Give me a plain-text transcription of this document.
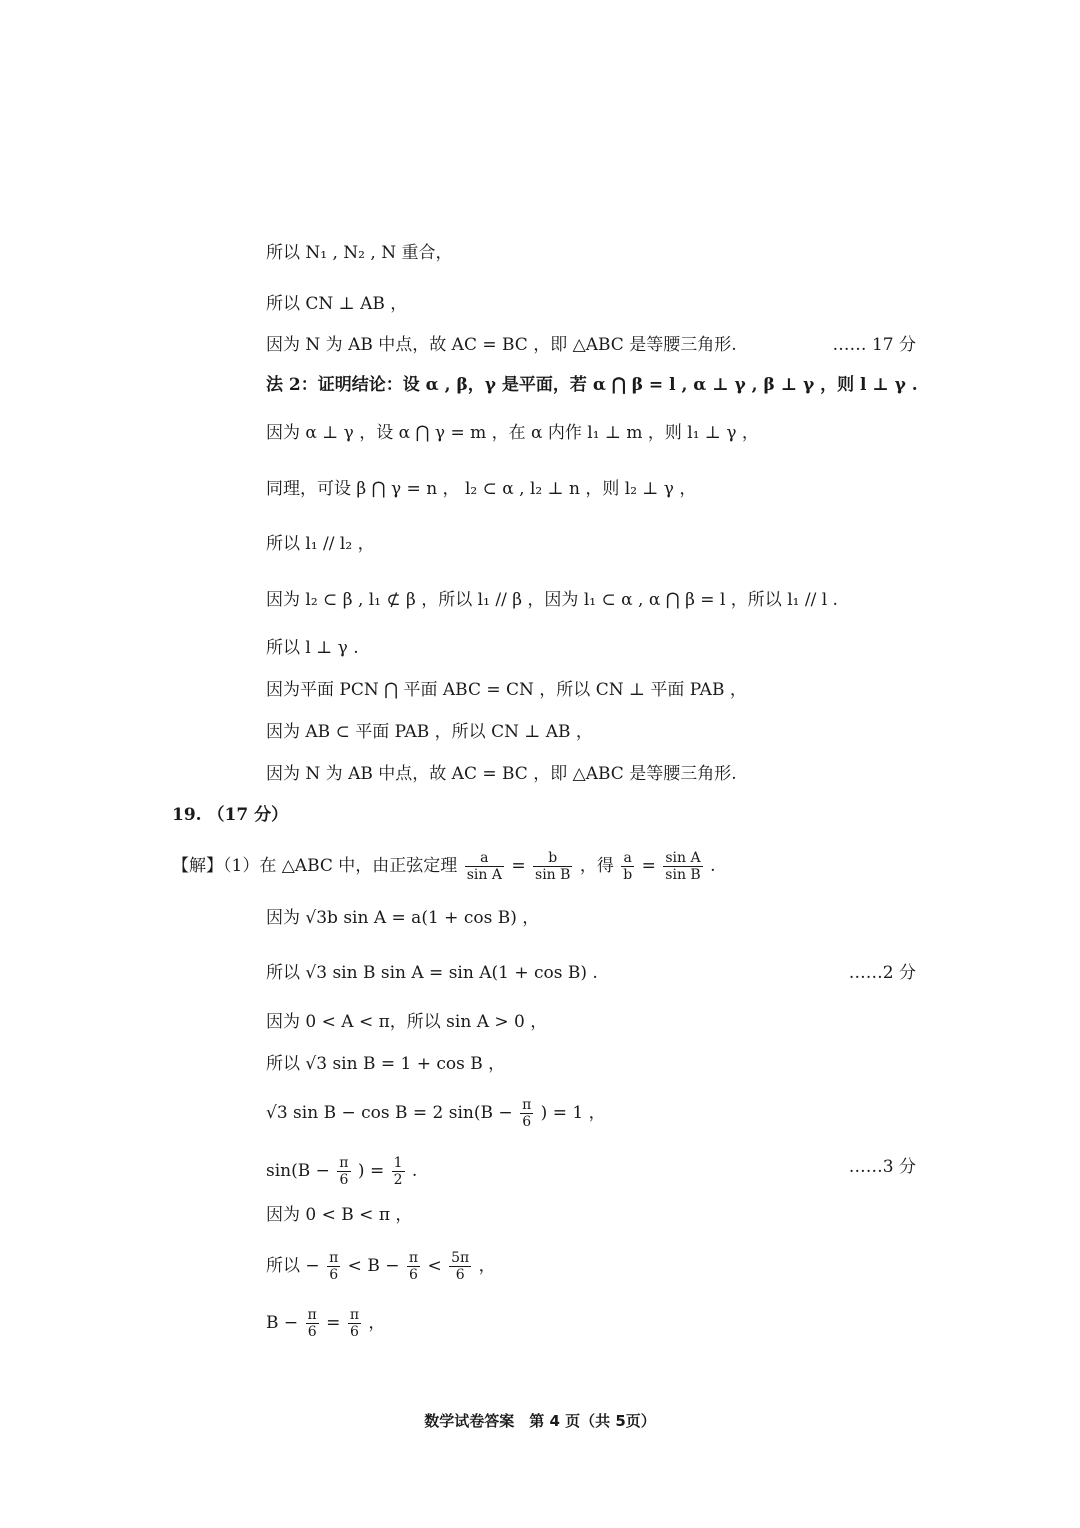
所以 N₁ , N₂ , N 重合，
所以 CN ⊥ AB ，
因为 N 为 AB 中点，故 AC = BC ，即 △ABC 是等腰三角形.	…… 17 分
法 2：证明结论：设 α , β，γ 是平面，若 α ⋂ β = l , α ⊥ γ , β ⊥ γ ，则 l ⊥ γ .
因为 α ⊥ γ ，设 α ⋂ γ = m ，在 α 内作 l₁ ⊥ m ，则 l₁ ⊥ γ ，
同理，可设 β ⋂ γ = n ， l₂ ⊂ α , l₂ ⊥ n ，则 l₂ ⊥ γ ，
所以 l₁ // l₂ ，
因为 l₂ ⊂ β , l₁ ⊄ β ，所以 l₁ // β ，因为 l₁ ⊂ α , α ⋂ β = l ，所以 l₁ // l .
所以 l ⊥ γ .
因为平面 PCN ⋂ 平面 ABC = CN ，所以 CN ⊥ 平面 PAB ，
因为 AB ⊂ 平面 PAB ，所以 CN ⊥ AB ，
因为 N 为 AB 中点，故 AC = BC ，即 △ABC 是等腰三角形.
19. （17 分）
【解】（1）在 △ABC 中，由正弦定理 $\frac{a}{\text{sin A}} = \frac{b}{\text{sin B}}$ ，得 $\frac{a}{b} = \frac{\text{sin A}}{\text{sin B}}$ .
因为 √3b sin A = a(1 + cos B) ，
所以 √3 sin B sin A = sin A(1 + cos B) .	……2 分
因为 0 < A < π，所以 sin A > 0 ，
所以 √3 sin B = 1 + cos B ，
√3 sin B − cos B = 2 $\sin(B - \frac{\pi}{6}$ ) = 1 ，
$\sin(B - \frac{\pi}{6}$ ) = $\frac{1}{2}$ .	……3 分
因为 0 < B < π ，
所以 − $\frac{\pi}{6} < B - \frac{\pi}{6} < \frac{5\pi}{6}$ ，
$B - \frac{\pi}{6} = \frac{\pi}{6}$ ，
数学试卷答案　第 4 页（共 5页）
